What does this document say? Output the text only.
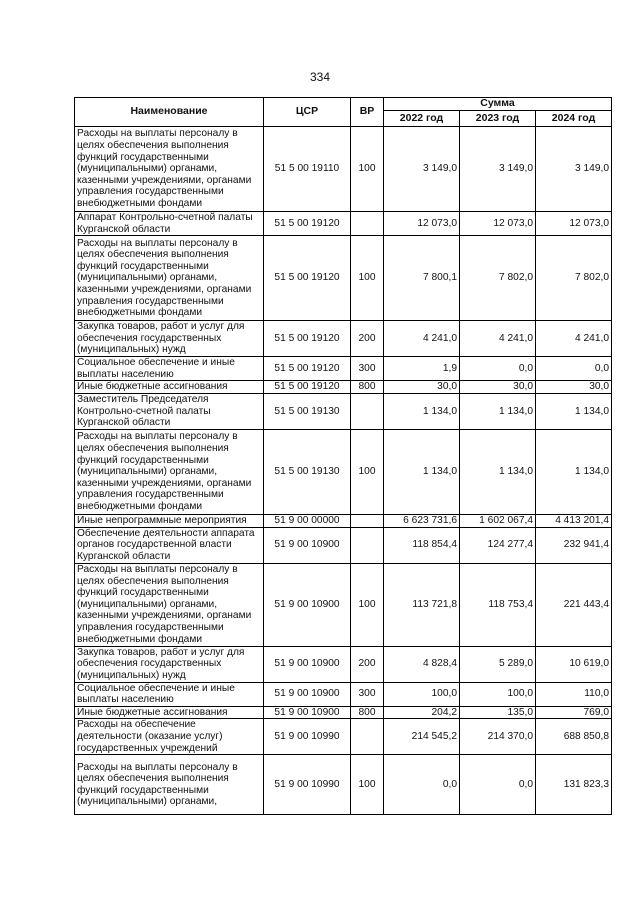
334
Наименование	ЦСР	ВР	Сумма		
			2022 год	2023 год	2024 год
Расходы на выплаты персоналу в целях обеспечения выполнения функций государственными (муниципальными) органами, казенными учреждениями, органами управления государственными внебюджетными фондами	51 5 00 19110	100	3 149,0	3 149,0	3 149,0
Аппарат Контрольно-счетной палаты Курганской области	51 5 00 19120		12 073,0	12 073,0	12 073,0
Расходы на выплаты персоналу в целях обеспечения выполнения функций государственными (муниципальными) органами, казенными учреждениями, органами управления государственными внебюджетными фондами	51 5 00 19120	100	7 800,1	7 802,0	7 802,0
Закупка товаров, работ и услуг для обеспечения государственных (муниципальных) нужд	51 5 00 19120	200	4 241,0	4 241,0	4 241,0
Социальное обеспечение и иные выплаты населению	51 5 00 19120	300	1,9	0,0	0,0
Иные бюджетные ассигнования	51 5 00 19120	800	30,0	30,0	30,0
Заместитель Председателя Контрольно-счетной палаты Курганской области	51 5 00 19130		1 134,0	1 134,0	1 134,0
Расходы на выплаты персоналу в целях обеспечения выполнения функций государственными (муниципальными) органами, казенными учреждениями, органами управления государственными внебюджетными фондами	51 5 00 19130	100	1 134,0	1 134,0	1 134,0
Иные непрограммные мероприятия	51 9 00 00000		6 623 731,6	1 602 067,4	4 413 201,4
Обеспечение деятельности аппарата органов государственной власти Курганской области	51 9 00 10900		118 854,4	124 277,4	232 941,4
Расходы на выплаты персоналу в целях обеспечения выполнения функций государственными (муниципальными) органами, казенными учреждениями, органами управления государственными внебюджетными фондами	51 9 00 10900	100	113 721,8	118 753,4	221 443,4
Закупка товаров, работ и услуг для обеспечения государственных (муниципальных) нужд	51 9 00 10900	200	4 828,4	5 289,0	10 619,0
Социальное обеспечение и иные выплаты населению	51 9 00 10900	300	100,0	100,0	110,0
Иные бюджетные ассигнования	51 9 00 10900	800	204,2	135,0	769,0
Расходы на обеспечение деятельности (оказание услуг) государственных учреждений	51 9 00 10990		214 545,2	214 370,0	688 850,8
Расходы на выплаты персоналу в целях обеспечения выполнения функций государственными (муниципальными) органами,	51 9 00 10990	100	0,0	0,0	131 823,3
